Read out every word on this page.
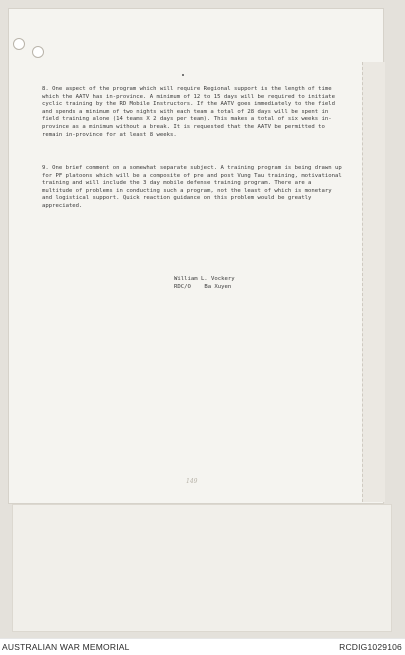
8. One aspect of the program which will require Regional support is the length of time which the AATV has in-province. A minimum of 12 to 15 days will be required to initiate cyclic training by the RD Mobile Instructors. If the AATV goes immediately to the field and spends a minimum of two nights with each team a total of 28 days will be spent in field training alone (14 teams X 2 days per team). This makes a total of six weeks in-province as a minimum without a break. It is requested that the AATV be permitted to remain in-province for at least 8 weeks.

9. One brief comment on a somewhat separate subject. A training program is being drawn up for PF platoons which will be a composite of pre and post Vung Tau training, motivational training and will include the 3 day mobile defense training program. There are a multitude of problems in conducting such a program, not the least of which is monetary and logistical support. Quick reaction guidance on this problem would be greatly appreciated.

William L. Vockery
RDC/O Ba Xuyen
149
AUSTRALIAN WAR MEMORIAL	RCDIG1029106
